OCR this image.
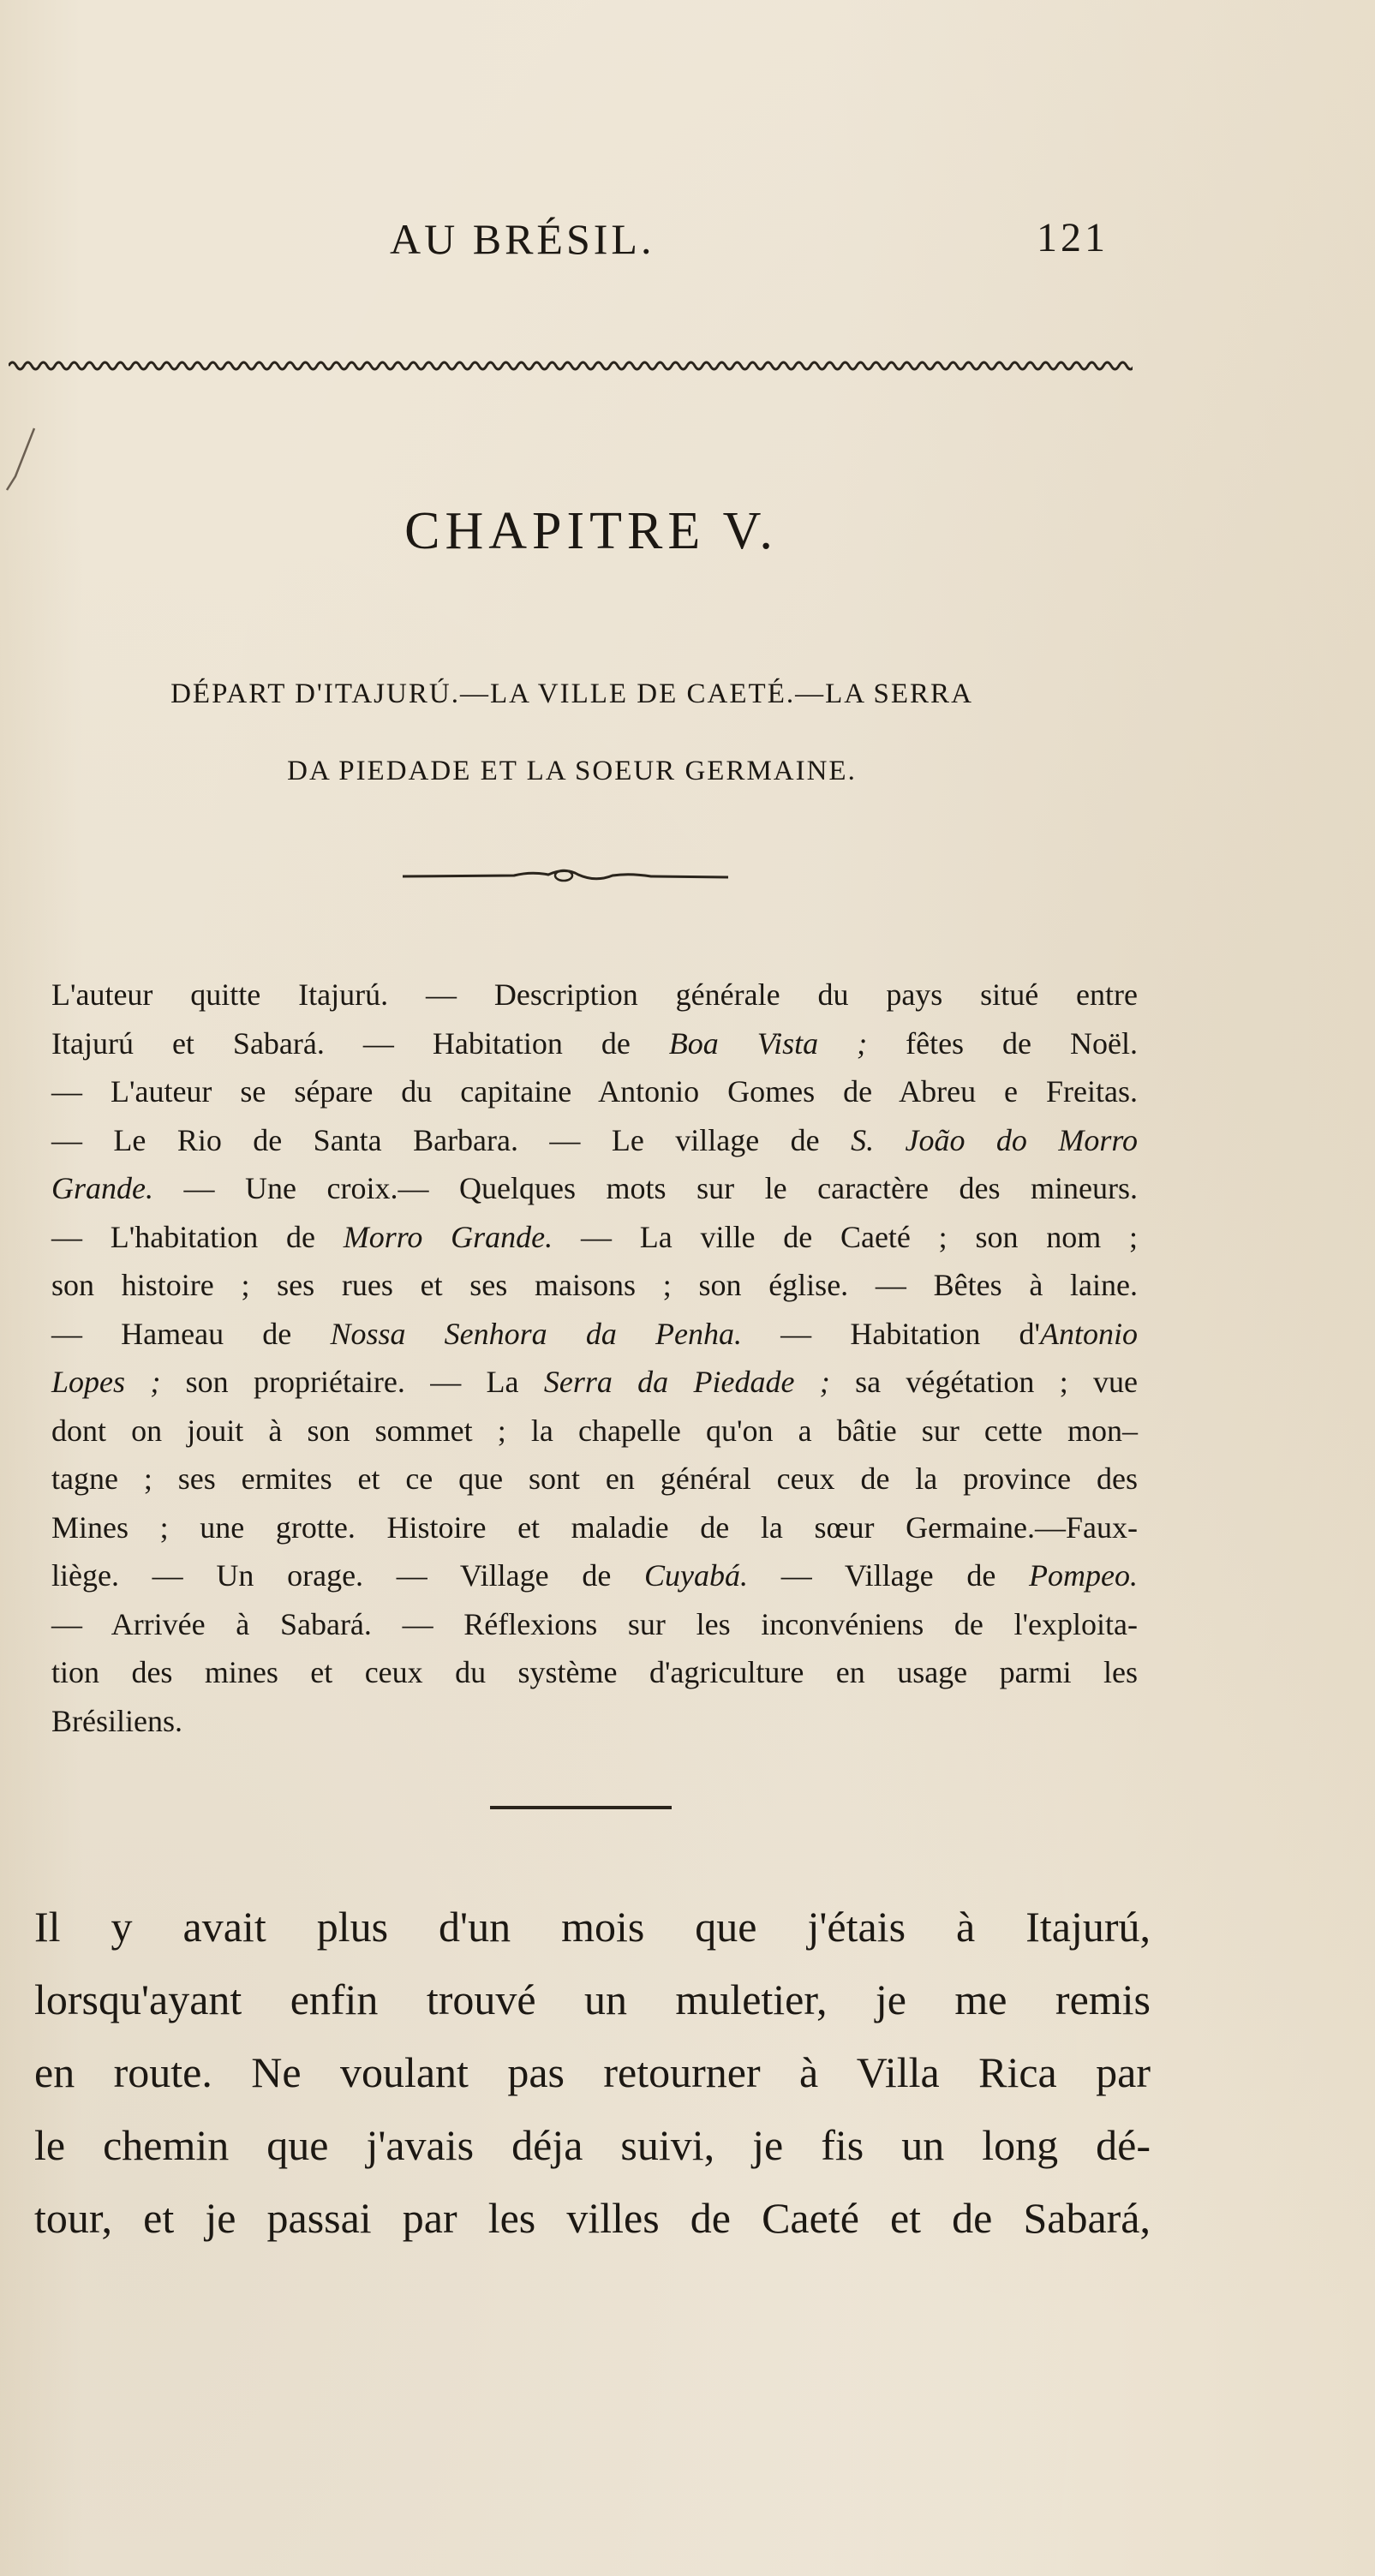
AU BRÉSIL.	121
CHAPITRE V.
DÉPART D'ITAJURÚ.—LA VILLE DE CAETÉ.—LA SERRA
DA PIEDADE ET LA SOEUR GERMAINE.
L'auteur quitte Itajurú. — Description générale du pays situé entre
Itajurú et Sabará. — Habitation de Boa Vista ; fêtes de Noël.
— L'auteur se sépare du capitaine Antonio Gomes de Abreu e Freitas.
— Le Rio de Santa Barbara. — Le village de S. João do Morro
Grande. — Une croix.— Quelques mots sur le caractère des mineurs.
— L'habitation de Morro Grande. — La ville de Caeté ; son nom ;
son histoire ; ses rues et ses maisons ; son église. — Bêtes à laine.
— Hameau de Nossa Senhora da Penha. — Habitation d'Antonio
Lopes ; son propriétaire. — La Serra da Piedade ; sa végétation ; vue
dont on jouit à son sommet ; la chapelle qu'on a bâtie sur cette mon–
tagne ; ses ermites et ce que sont en général ceux de la province des
Mines ; une grotte. Histoire et maladie de la sœur Germaine.—Faux-
liège. — Un orage. — Village de Cuyabá. — Village de Pompeo.
— Arrivée à Sabará. — Réflexions sur les inconvéniens de l'exploita-
tion des mines et ceux du système d'agriculture en usage parmi les
Brésiliens.
Il y avait plus d'un mois que j'étais à Itajurú,
lorsqu'ayant enfin trouvé un muletier, je me remis
en route. Ne voulant pas retourner à Villa Rica par
le chemin que j'avais déja suivi, je fis un long dé-
tour, et je passai par les villes de Caeté et de Sabará,
